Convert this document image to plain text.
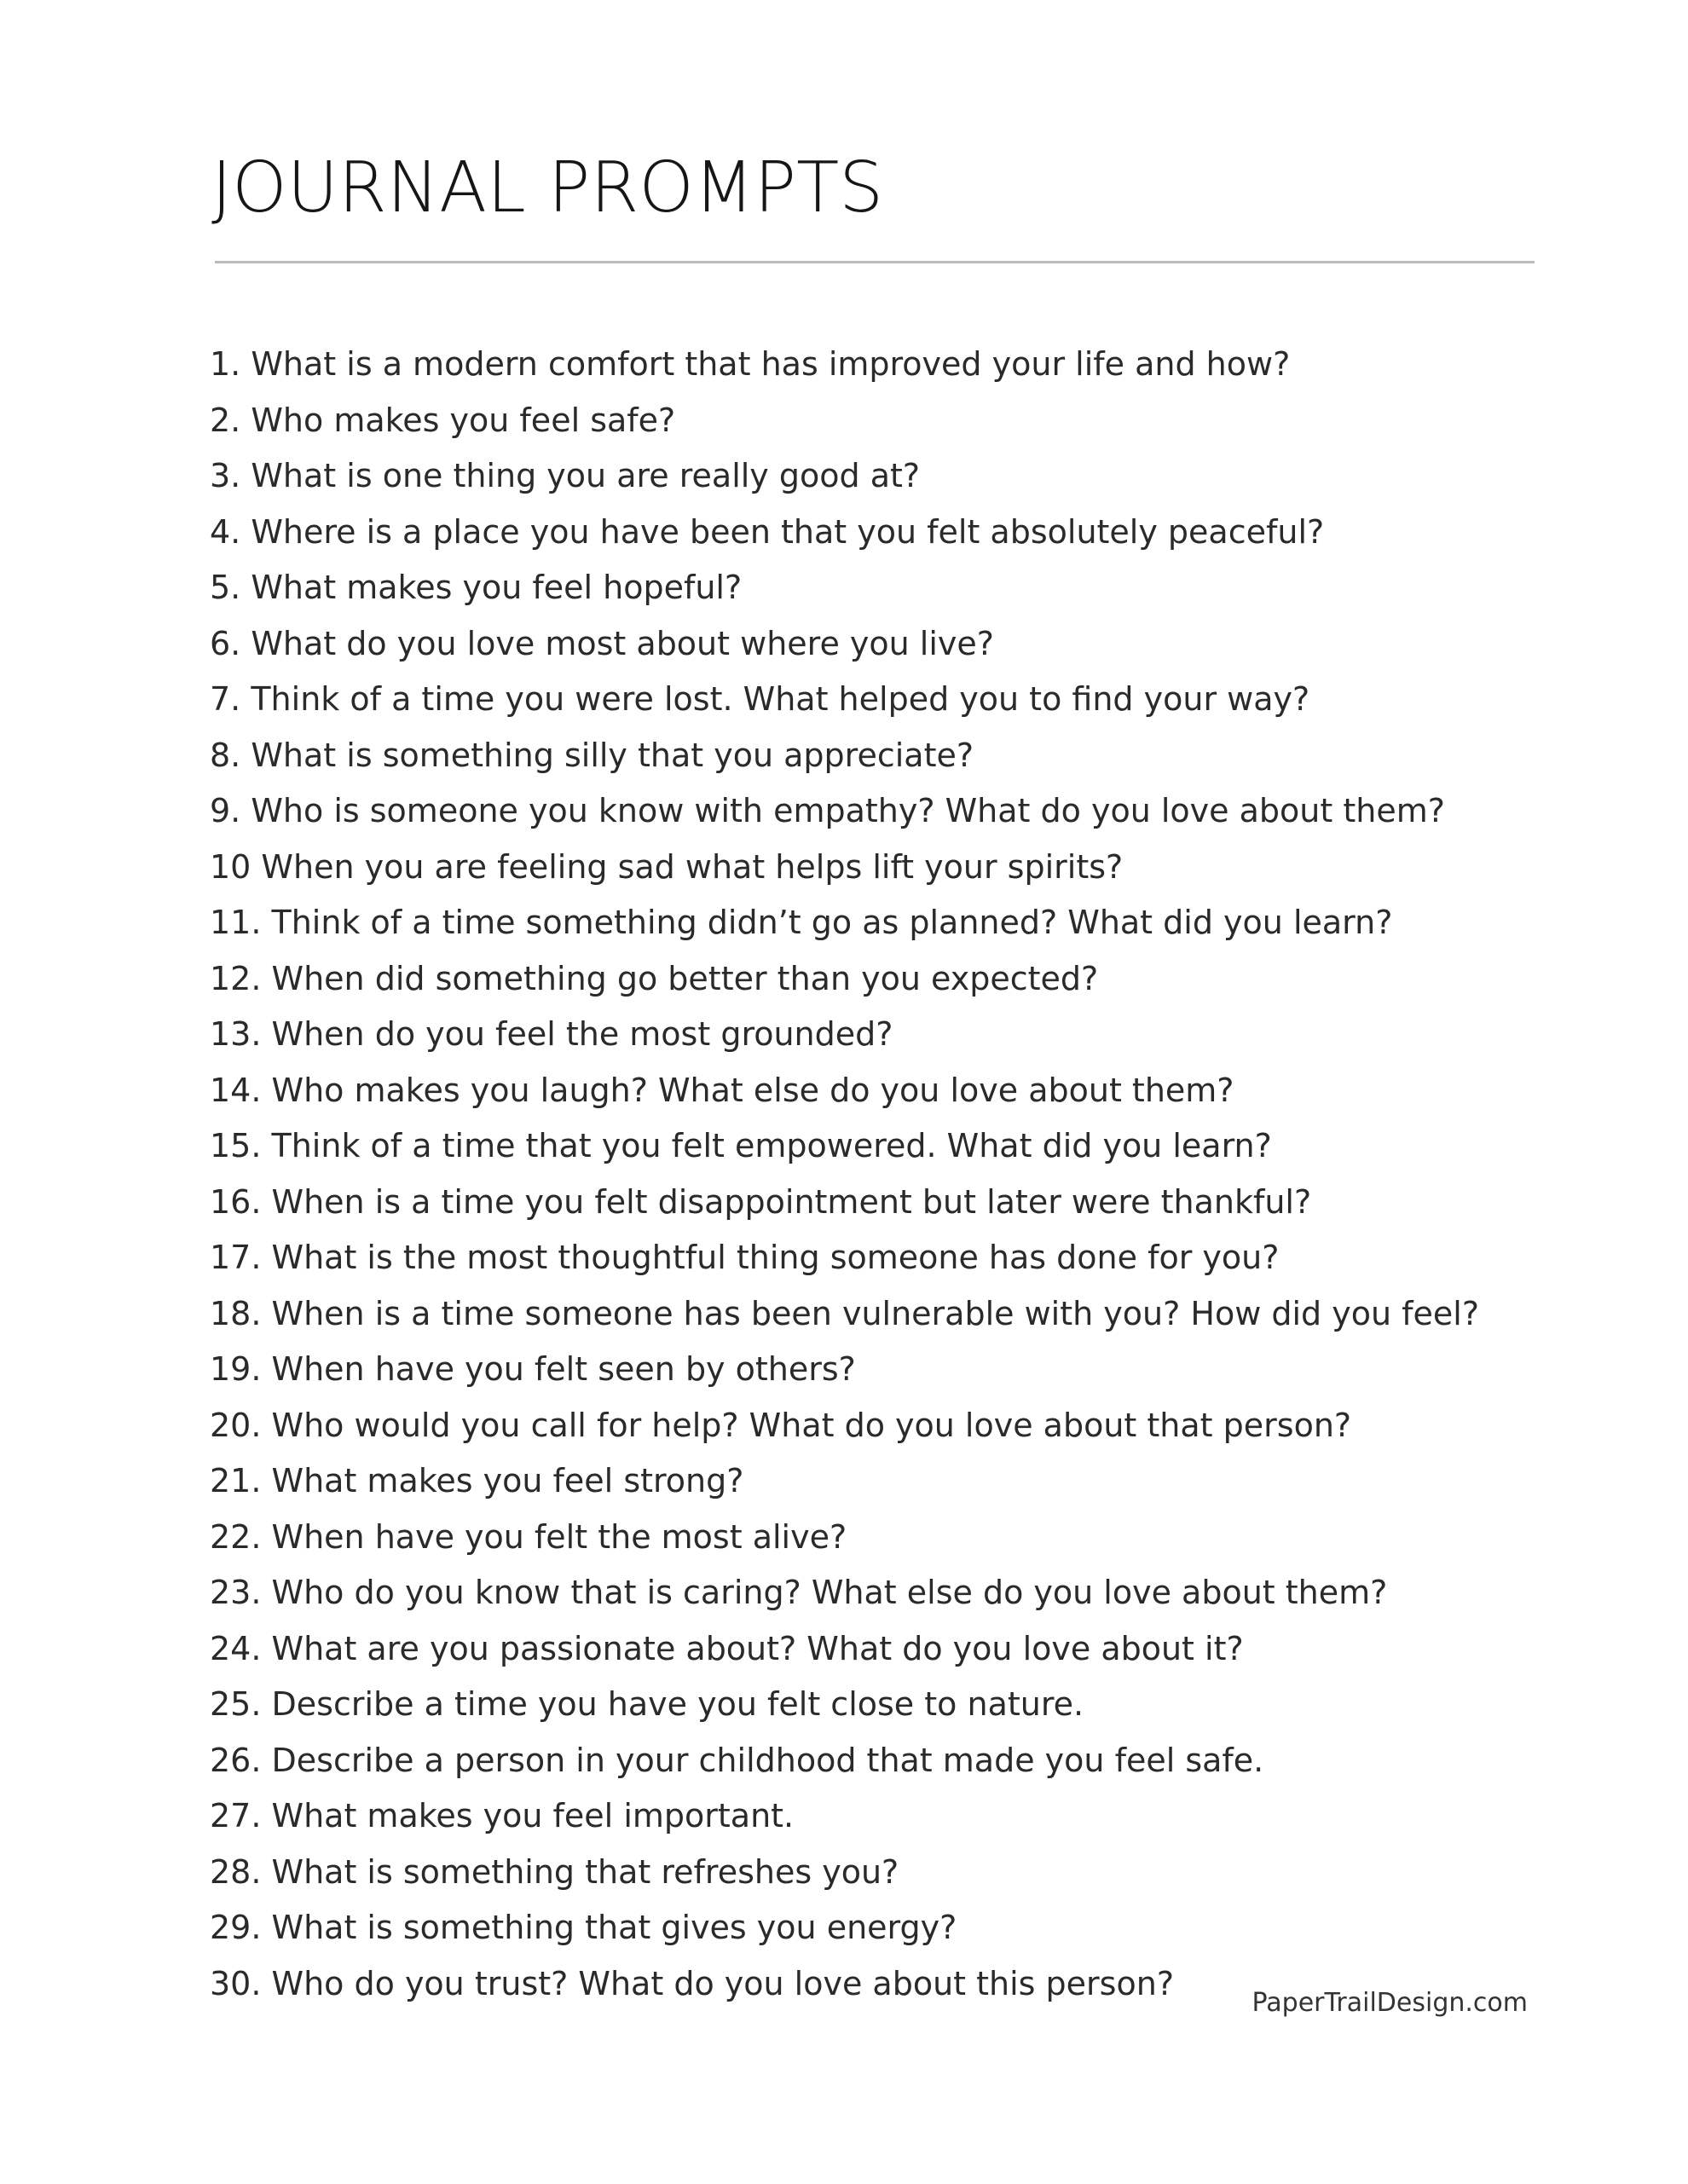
JOURNAL PROMPTS
1. What is a modern comfort that has improved your life and how?
2. Who makes you feel safe?
3. What is one thing you are really good at?
4. Where is a place you have been that you felt absolutely peaceful?
5. What makes you feel hopeful?
6. What do you love most about where you live?
7. Think of a time you were lost. What helped you to find your way?
8. What is something silly that you appreciate?
9. Who is someone you know with empathy? What do you love about them?
10 When you are feeling sad what helps lift your spirits?
11. Think of a time something didn’t go as planned? What did you learn?
12. When did something go better than you expected?
13. When do you feel the most grounded?
14. Who makes you laugh? What else do you love about them?
15. Think of a time that you felt empowered. What did you learn?
16. When is a time you felt disappointment but later were thankful?
17. What is the most thoughtful thing someone has done for you?
18. When is a time someone has been vulnerable with you? How did you feel?
19. When have you felt seen by others?
20. Who would you call for help? What do you love about that person?
21. What makes you feel strong?
22. When have you felt the most alive?
23. Who do you know that is caring? What else do you love about them?
24. What are you passionate about? What do you love about it?
25. Describe a time you have you felt close to nature.
26. Describe a person in your childhood that made you feel safe.
27. What makes you feel important.
28. What is something that refreshes you?
29. What is something that gives you energy?
30. Who do you trust? What do you love about this person?
PaperTrailDesign.com
